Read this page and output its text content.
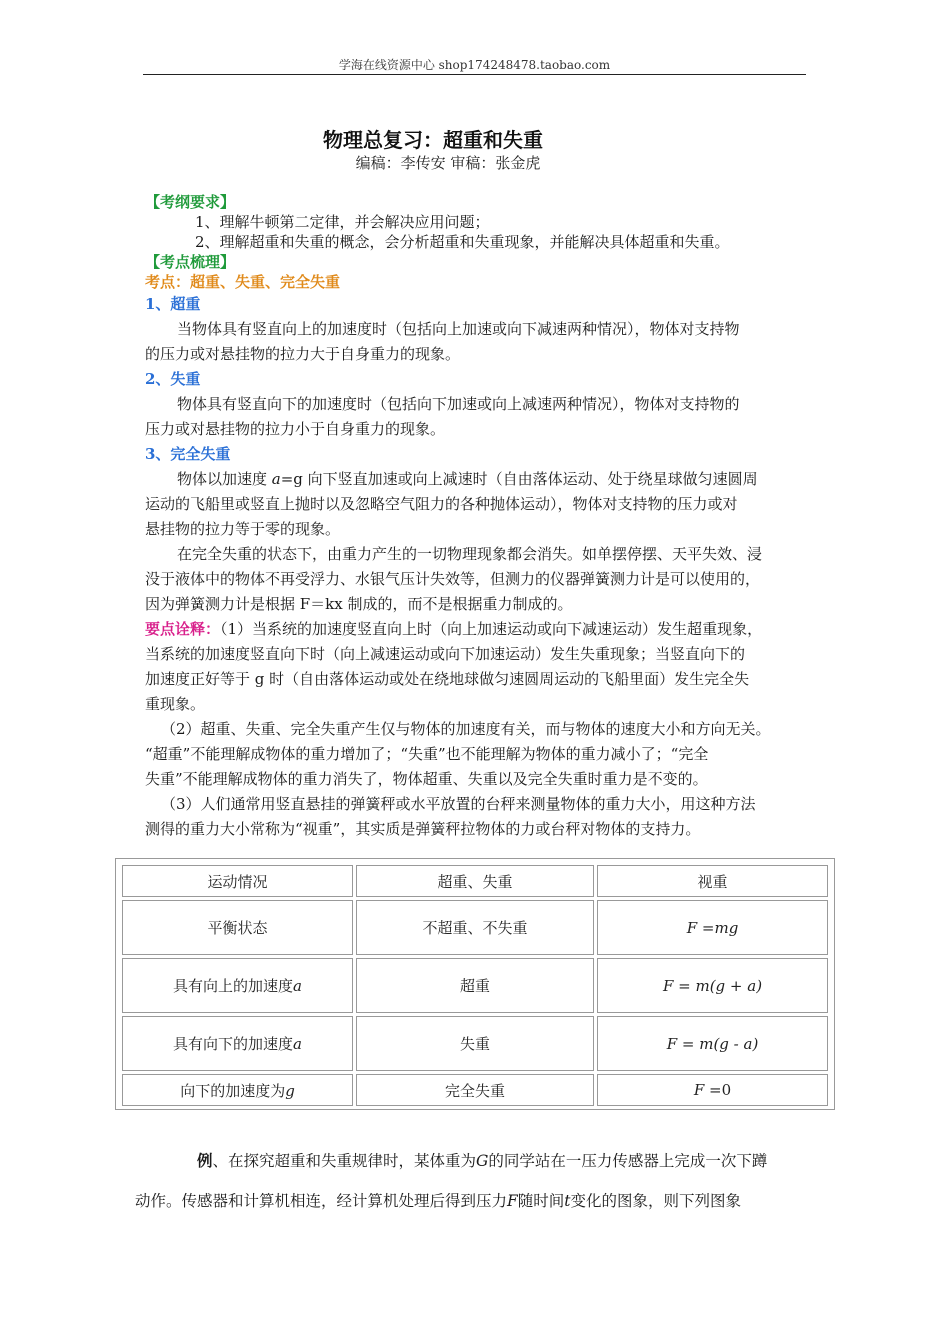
学海在线资源中心 shop174248478.taobao.com
物理总复习：超重和失重
编稿：李传安 审稿：张金虎
【考纲要求】
1、理解牛顿第二定律，并会解决应用问题；
2、理解超重和失重的概念，会分析超重和失重现象，并能解决具体超重和失重。
【考点梳理】
考点：超重、失重、完全失重
1、超重
当物体具有竖直向上的加速度时（包括向上加速或向下减速两种情况），物体对支持物
的压力或对悬挂物的拉力大于自身重力的现象。
2、失重
物体具有竖直向下的加速度时（包括向下加速或向上减速两种情况），物体对支持物的
压力或对悬挂物的拉力小于自身重力的现象。
3、完全失重
物体以加速度 a=g 向下竖直加速或向上减速时（自由落体运动、处于绕星球做匀速圆周
运动的飞船里或竖直上抛时以及忽略空气阻力的各种抛体运动），物体对支持物的压力或对
悬挂物的拉力等于零的现象。
在完全失重的状态下，由重力产生的一切物理现象都会消失。如单摆停摆、天平失效、浸
没于液体中的物体不再受浮力、水银气压计失效等，但测力的仪器弹簧测力计是可以使用的，
因为弹簧测力计是根据 F＝kx 制成的，而不是根据重力制成的。
要点诠释：（1）当系统的加速度竖直向上时（向上加速运动或向下减速运动）发生超重现象，
当系统的加速度竖直向下时（向上减速运动或向下加速运动）发生失重现象；当竖直向下的
加速度正好等于 g 时（自由落体运动或处在绕地球做匀速圆周运动的飞船里面）发生完全失
重现象。
（2）超重、失重、完全失重产生仅与物体的加速度有关，而与物体的速度大小和方向无关。
“超重”不能理解成物体的重力增加了；“失重”也不能理解为物体的重力减小了；“完全
失重”不能理解成物体的重力消失了，物体超重、失重以及完全失重时重力是不变的。
（3）人们通常用竖直悬挂的弹簧秤或水平放置的台秤来测量物体的重力大小，用这种方法
测得的重力大小常称为“视重”，其实质是弹簧秤拉物体的力或台秤对物体的支持力。
运动情况	超重、失重	视重
平衡状态	不超重、不失重	F =mg
具有向上的加速度a	超重	F = m(g + a)
具有向下的加速度a	失重	F = m(g - a)
向下的加速度为g	完全失重	F =0
例、在探究超重和失重规律时，某体重为G的同学站在一压力传感器上完成一次下蹲
动作。传感器和计算机相连，经计算机处理后得到压力F随时间t变化的图象，则下列图象
